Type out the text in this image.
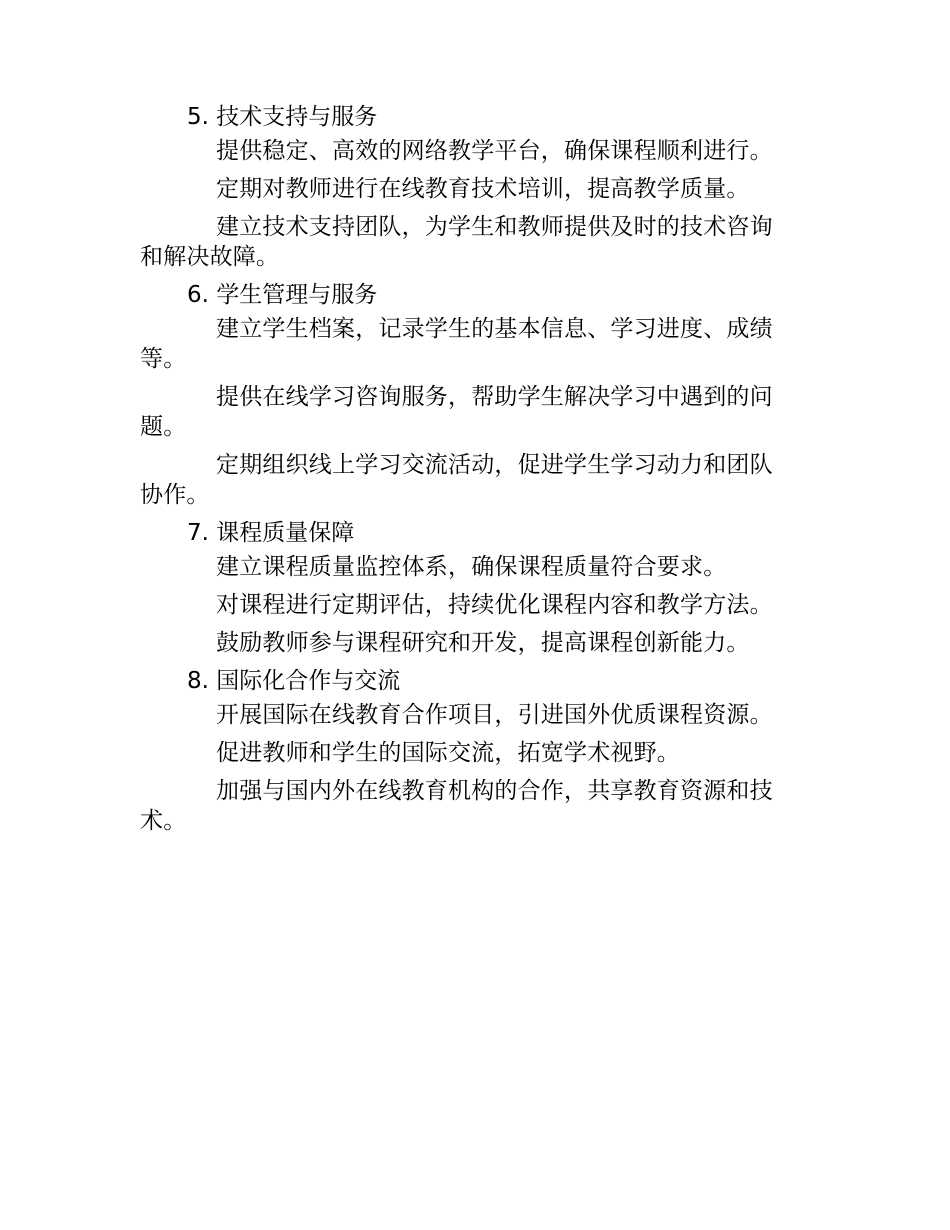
5. 技术支持与服务
提供稳定、高效的网络教学平台，确保课程顺利进行。
定期对教师进行在线教育技术培训，提高教学质量。
建立技术支持团队，为学生和教师提供及时的技术咨询和解决故障。
6. 学生管理与服务
建立学生档案，记录学生的基本信息、学习进度、成绩等。
提供在线学习咨询服务，帮助学生解决学习中遇到的问题。
定期组织线上学习交流活动，促进学生学习动力和团队协作。
7. 课程质量保障
建立课程质量监控体系，确保课程质量符合要求。
对课程进行定期评估，持续优化课程内容和教学方法。
鼓励教师参与课程研究和开发，提高课程创新能力。
8. 国际化合作与交流
开展国际在线教育合作项目，引进国外优质课程资源。
促进教师和学生的国际交流，拓宽学术视野。
加强与国内外在线教育机构的合作，共享教育资源和技术。
